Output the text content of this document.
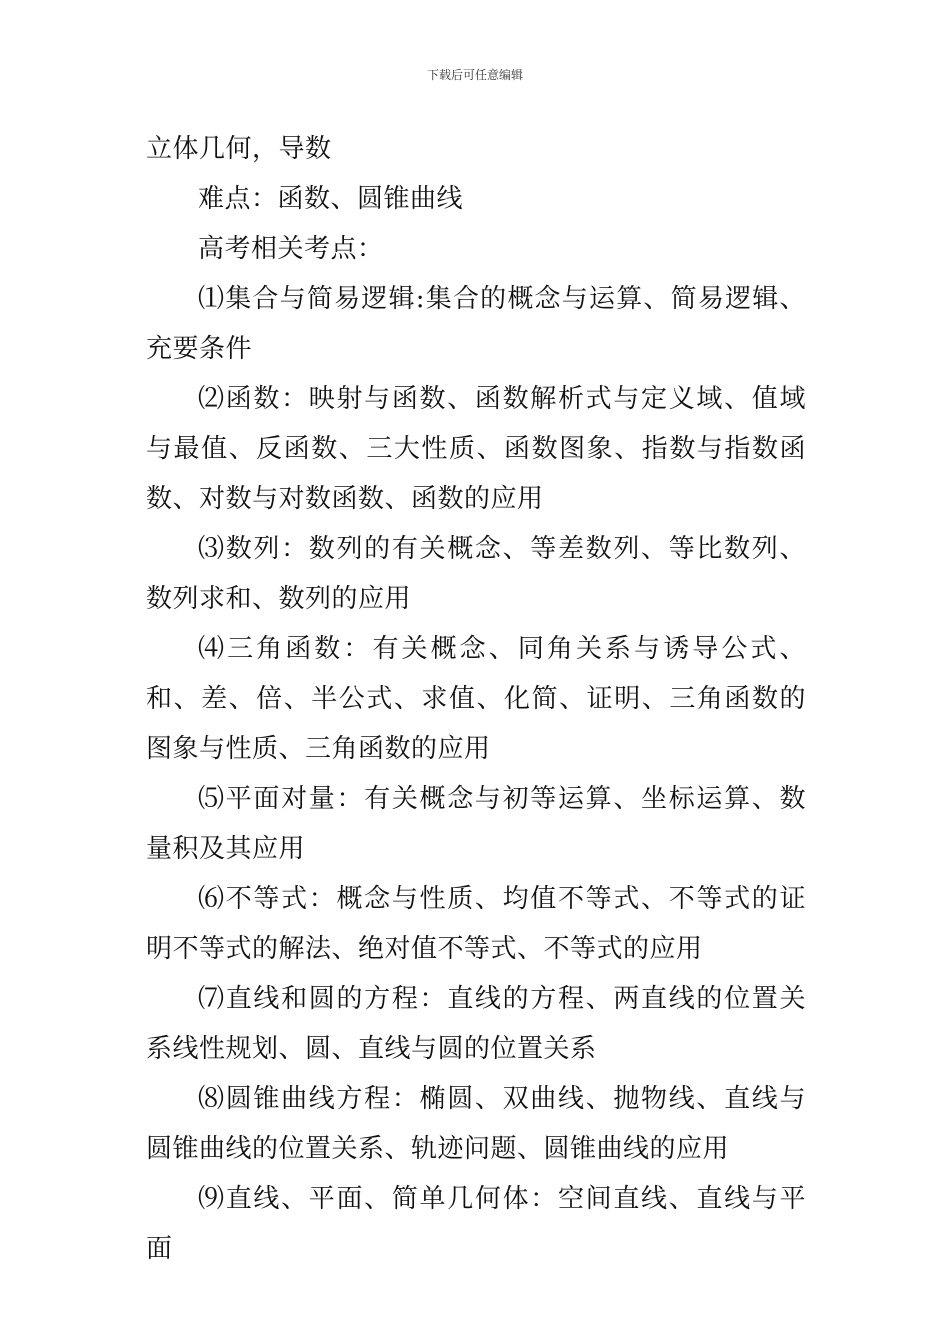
下载后可任意编辑

立体几何，导数

难点：函数、圆锥曲线

高考相关考点：

⑴集合与简易逻辑:集合的概念与运算、简易逻辑、充要条件

⑵函数：映射与函数、函数解析式与定义域、值域与最值、反函数、三大性质、函数图象、指数与指数函数、对数与对数函数、函数的应用

⑶数列：数列的有关概念、等差数列、等比数列、数列求和、数列的应用

⑷三角函数：有关概念、同角关系与诱导公式、和、差、倍、半公式、求值、化简、证明、三角函数的图象与性质、三角函数的应用

⑸平面对量：有关概念与初等运算、坐标运算、数量积及其应用

⑹不等式：概念与性质、均值不等式、不等式的证明不等式的解法、绝对值不等式、不等式的应用

⑺直线和圆的方程：直线的方程、两直线的位置关系线性规划、圆、直线与圆的位置关系

⑻圆锥曲线方程：椭圆、双曲线、抛物线、直线与圆锥曲线的位置关系、轨迹问题、圆锥曲线的应用

⑼直线、平面、简单几何体：空间直线、直线与平面
